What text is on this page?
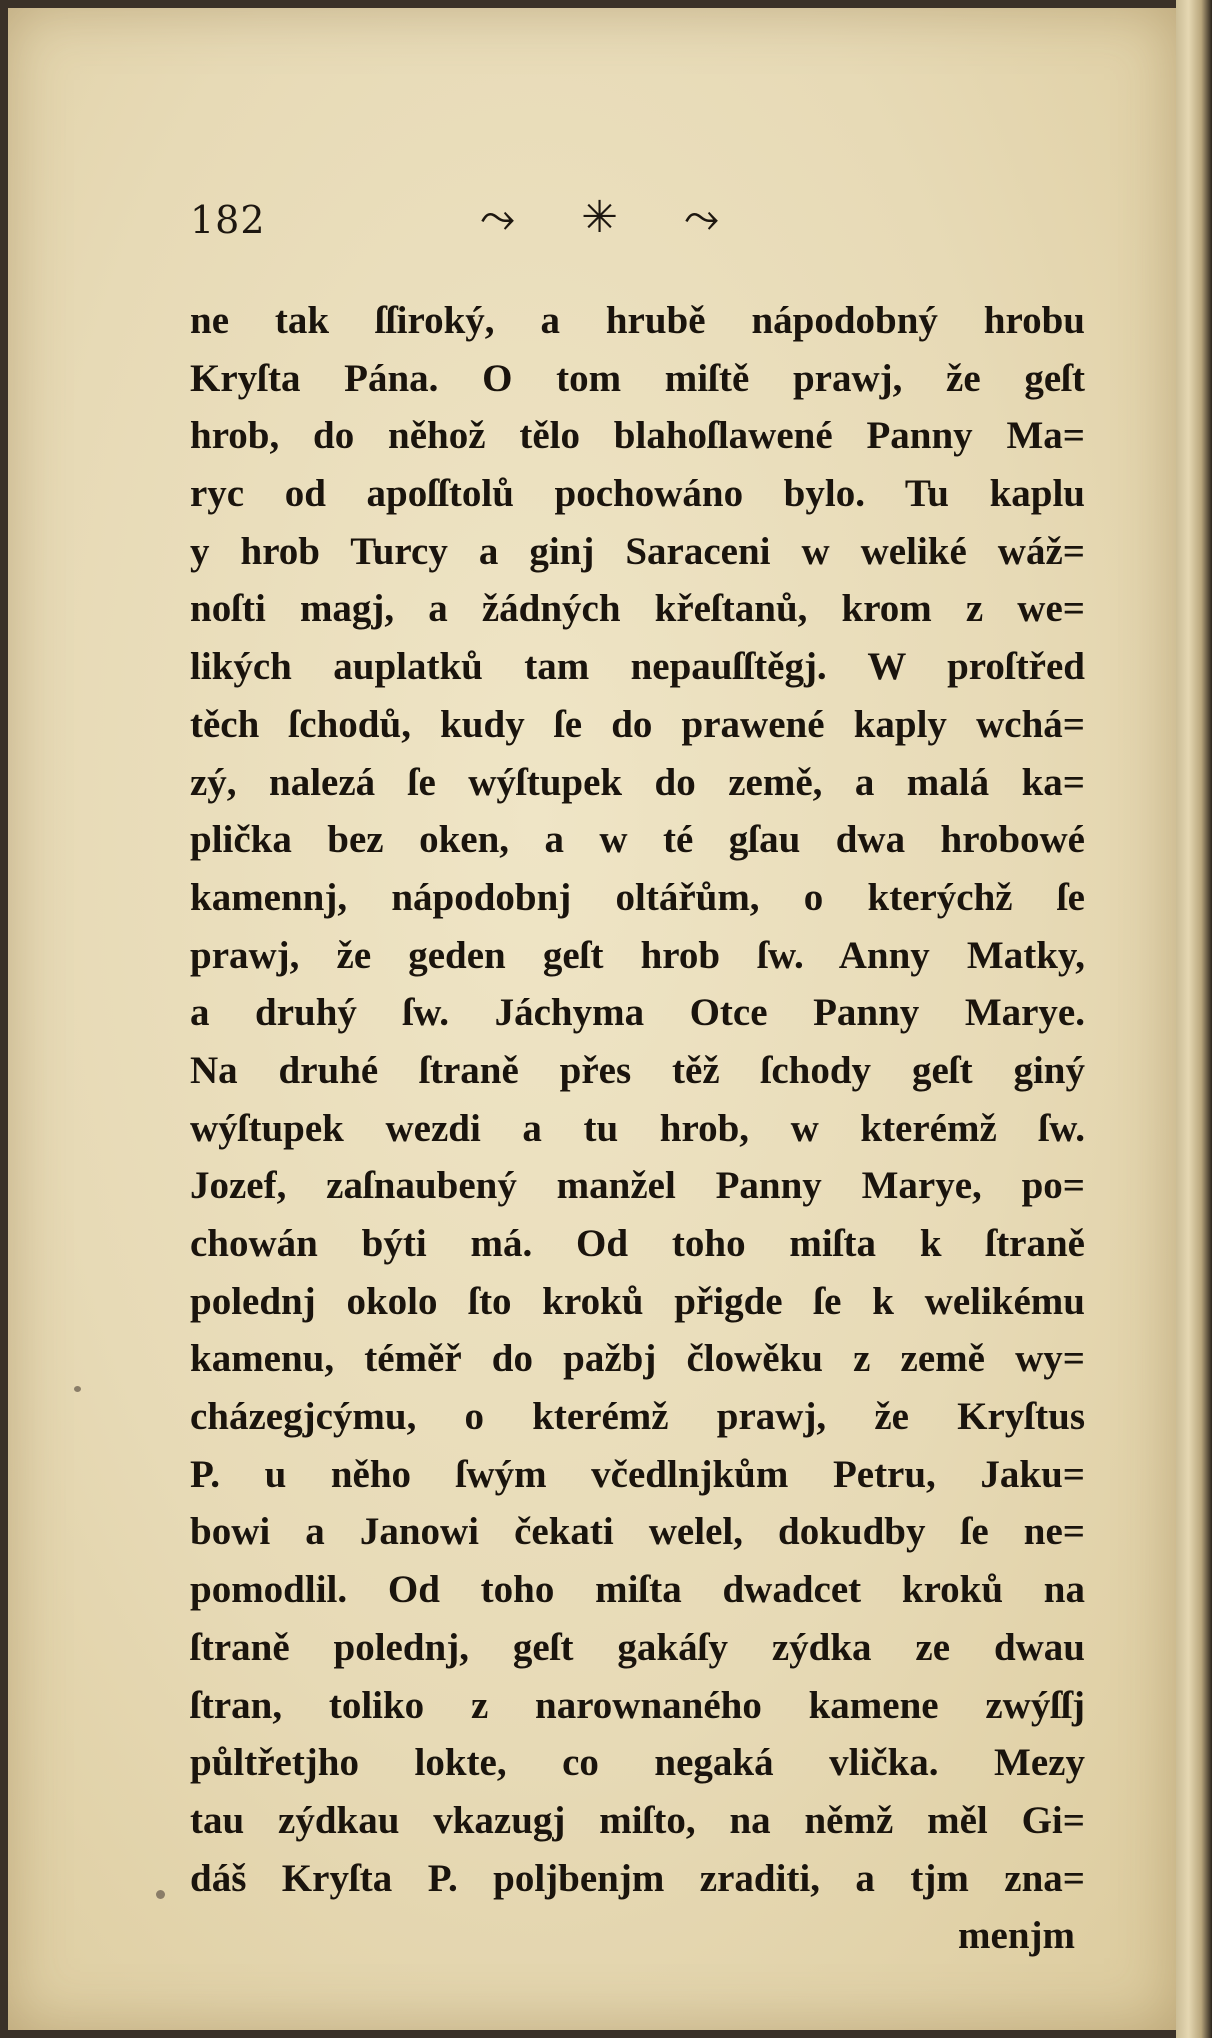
182	⤳ ✳ ⤳
ne tak ſſiroký, a hrubě nápodobný hrobu
Kryſta Pána. O tom miſtě prawj, že geſt
hrob, do něhož tělo blahoſlawené Panny Ma=
ryc od apoſſtolů pochowáno bylo. Tu kaplu
y hrob Turcy a ginj Saraceni w weliké wáž=
noſti magj, a žádných křeſtanů, krom z we=
likých auplatků tam nepauſſtěgj. W proſtřed
těch ſchodů, kudy ſe do prawené kaply wchá=
zý, nalezá ſe wýſtupek do země, a malá ka=
plička bez oken, a w té gſau dwa hrobowé
kamennj, nápodobnj oltářům, o kterýchž ſe
prawj, že geden geſt hrob ſw. Anny Matky,
a druhý ſw. Jáchyma Otce Panny Marye.
Na druhé ſtraně přes těž ſchody geſt giný
wýſtupek wezdi a tu hrob, w kterémž ſw.
Jozef, zaſnaubený manžel Panny Marye, po=
chowán býti má. Od toho miſta k ſtraně
polednj okolo ſto kroků přigde ſe k welikému
kamenu, téměř do pažbj člowěku z země wy=
cházegjcýmu, o kterémž prawj, že Kryſtus
P. u něho ſwým včedlnjkům Petru, Jaku=
bowi a Janowi čekati welel, dokudby ſe ne=
pomodlil. Od toho miſta dwadcet kroků na
ſtraně polednj, geſt gakáſy zýdka ze dwau
ſtran, toliko z narownaného kamene zwýſſj
půltřetjho lokte, co negaká vlička. Mezy
tau zýdkau vkazugj miſto, na němž měl Gi=
dáš Kryſta P. poljbenjm zraditi, a tjm zna=
menjm
